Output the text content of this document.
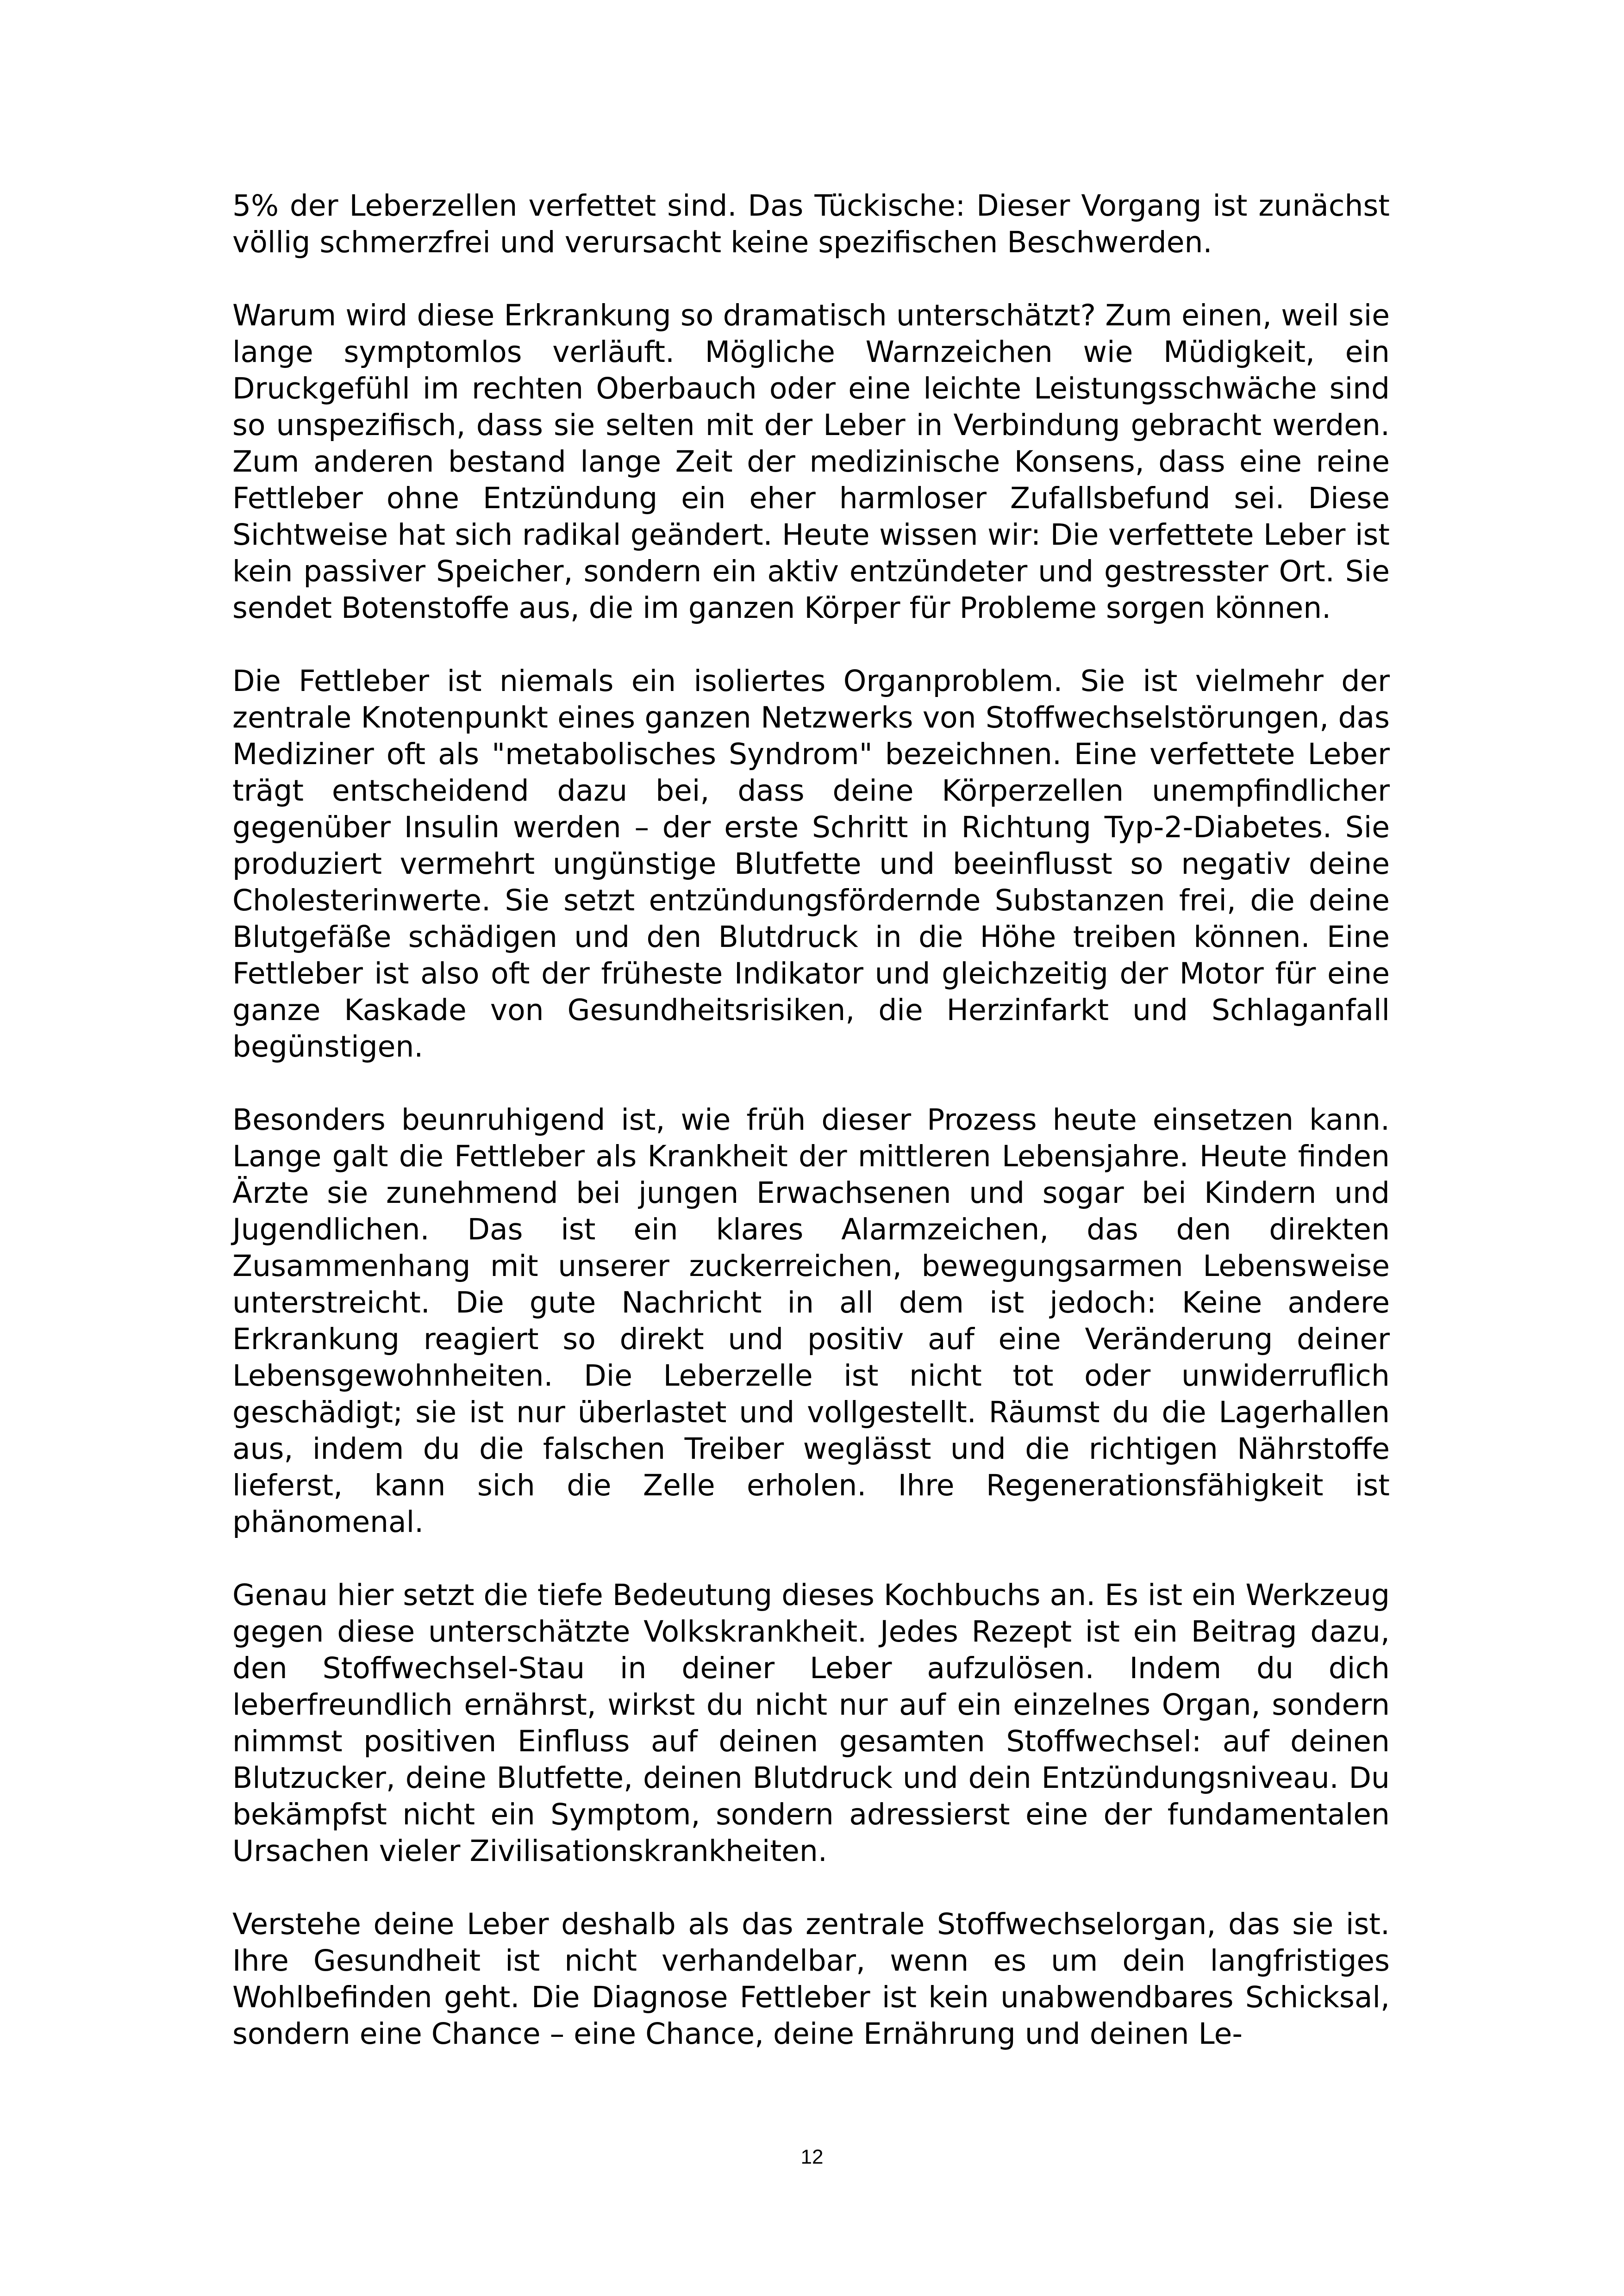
5% der Leberzellen verfettet sind. Das Tückische: Dieser Vorgang ist zunächst völlig schmerzfrei und verursacht keine spezifischen Beschwerden.

Warum wird diese Erkrankung so dramatisch unterschätzt? Zum einen, weil sie lange symptomlos verläuft. Mögliche Warnzeichen wie Müdigkeit, ein Druckgefühl im rechten Oberbauch oder eine leichte Leistungsschwäche sind so unspezifisch, dass sie selten mit der Leber in Verbindung gebracht werden. Zum anderen bestand lange Zeit der medizinische Konsens, dass eine reine Fettleber ohne Entzündung ein eher harmloser Zufallsbefund sei. Diese Sichtweise hat sich radikal geändert. Heute wissen wir: Die verfettete Leber ist kein passiver Speicher, sondern ein aktiv entzündeter und gestresster Ort. Sie sendet Botenstoffe aus, die im ganzen Körper für Probleme sorgen können.

Die Fettleber ist niemals ein isoliertes Organproblem. Sie ist vielmehr der zentrale Knotenpunkt eines ganzen Netzwerks von Stoffwechselstörungen, das Mediziner oft als "metabolisches Syndrom" bezeichnen. Eine verfettete Leber trägt entscheidend dazu bei, dass deine Körperzellen unempfindlicher gegenüber Insulin werden – der erste Schritt in Richtung Typ-2-Diabetes. Sie produziert vermehrt ungünstige Blutfette und beeinflusst so negativ deine Cholesterinwerte. Sie setzt entzündungsfördernde Substanzen frei, die deine Blutgefäße schädigen und den Blutdruck in die Höhe treiben können. Eine Fettleber ist also oft der früheste Indikator und gleichzeitig der Motor für eine ganze Kaskade von Gesundheitsrisiken, die Herzinfarkt und Schlaganfall begünstigen.

Besonders beunruhigend ist, wie früh dieser Prozess heute einsetzen kann. Lange galt die Fettleber als Krankheit der mittleren Lebensjahre. Heute finden Ärzte sie zunehmend bei jungen Erwachsenen und sogar bei Kindern und Jugendlichen. Das ist ein klares Alarmzeichen, das den direkten Zusammenhang mit unserer zuckerreichen, bewegungsarmen Lebensweise unterstreicht. Die gute Nachricht in all dem ist jedoch: Keine andere Erkrankung reagiert so direkt und positiv auf eine Veränderung deiner Lebensgewohnheiten. Die Leberzelle ist nicht tot oder unwiderruflich geschädigt; sie ist nur überlastet und vollgestellt. Räumst du die Lagerhallen aus, indem du die falschen Treiber weglässt und die richtigen Nährstoffe lieferst, kann sich die Zelle erholen. Ihre Regenerationsfähigkeit ist phänomenal.

Genau hier setzt die tiefe Bedeutung dieses Kochbuchs an. Es ist ein Werkzeug gegen diese unterschätzte Volkskrankheit. Jedes Rezept ist ein Beitrag dazu, den Stoffwechsel-Stau in deiner Leber aufzulösen. Indem du dich leberfreundlich ernährst, wirkst du nicht nur auf ein einzelnes Organ, sondern nimmst positiven Einfluss auf deinen gesamten Stoffwechsel: auf deinen Blutzucker, deine Blutfette, deinen Blutdruck und dein Entzündungsniveau. Du bekämpfst nicht ein Symptom, sondern adressierst eine der fundamentalen Ursachen vieler Zivilisationskrankheiten.

Verstehe deine Leber deshalb als das zentrale Stoffwechselorgan, das sie ist. Ihre Gesundheit ist nicht verhandelbar, wenn es um dein langfristiges Wohlbefinden geht. Die Diagnose Fettleber ist kein unabwendbares Schicksal, sondern eine Chance – eine Chance, deine Ernährung und deinen Le-

12
